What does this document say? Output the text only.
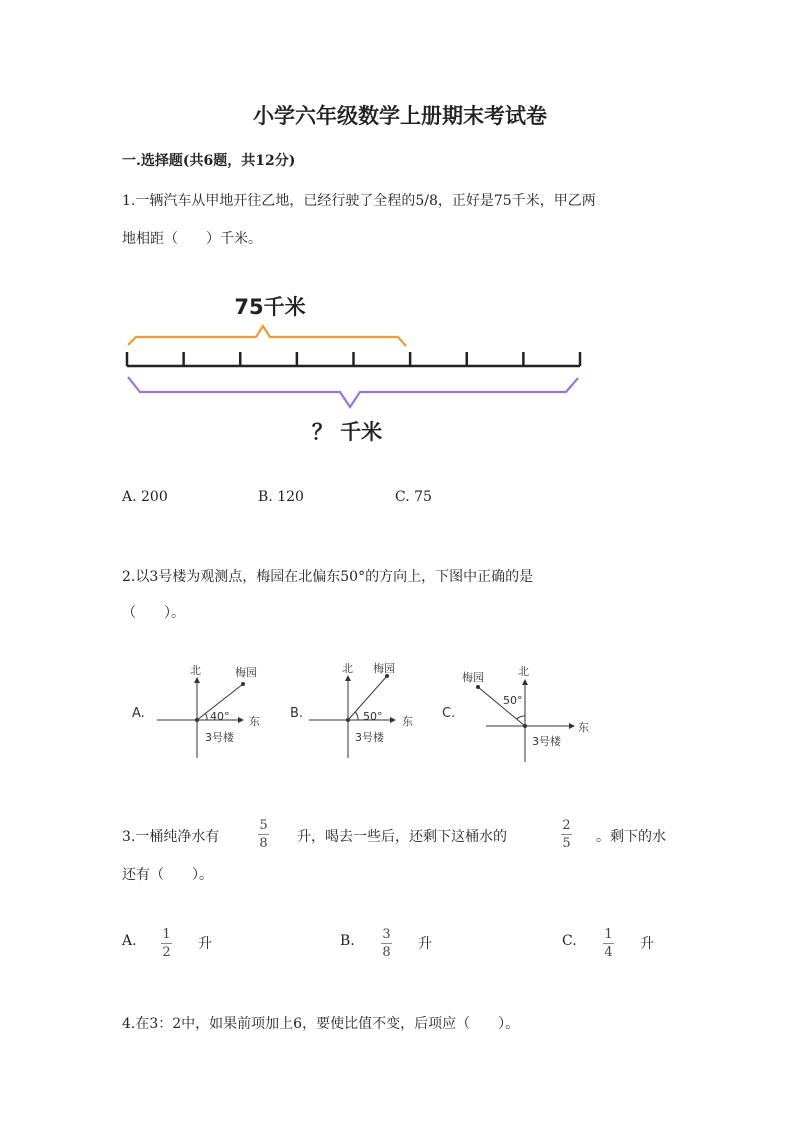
小学六年级数学上册期末考试卷
一.选择题(共6题，共12分)
1.一辆汽车从甲地开往乙地，已经行驶了全程的5/8，正好是75千米，甲乙两
地相距（　　）千米。
75千米
？ 千米
A. 200	B. 120	C. 75
2.以3号楼为观测点，梅园在北偏东50°的方向上，下图中正确的是
（　　）。
A.
北	梅园
40° 东
3号楼
B.
北 梅园
50° 东
3号楼
C.
北
梅园
50°
东
3号楼
3.一桶纯净水有
5
8 升，喝去一些后，还剩下这桶水的
2
5 。剩下的水
还有（　　）。
A. 1
2
升	B. 3
8
升	C. 1
4
升
4.在3：2中，如果前项加上6，要使比值不变，后项应（　　）。
